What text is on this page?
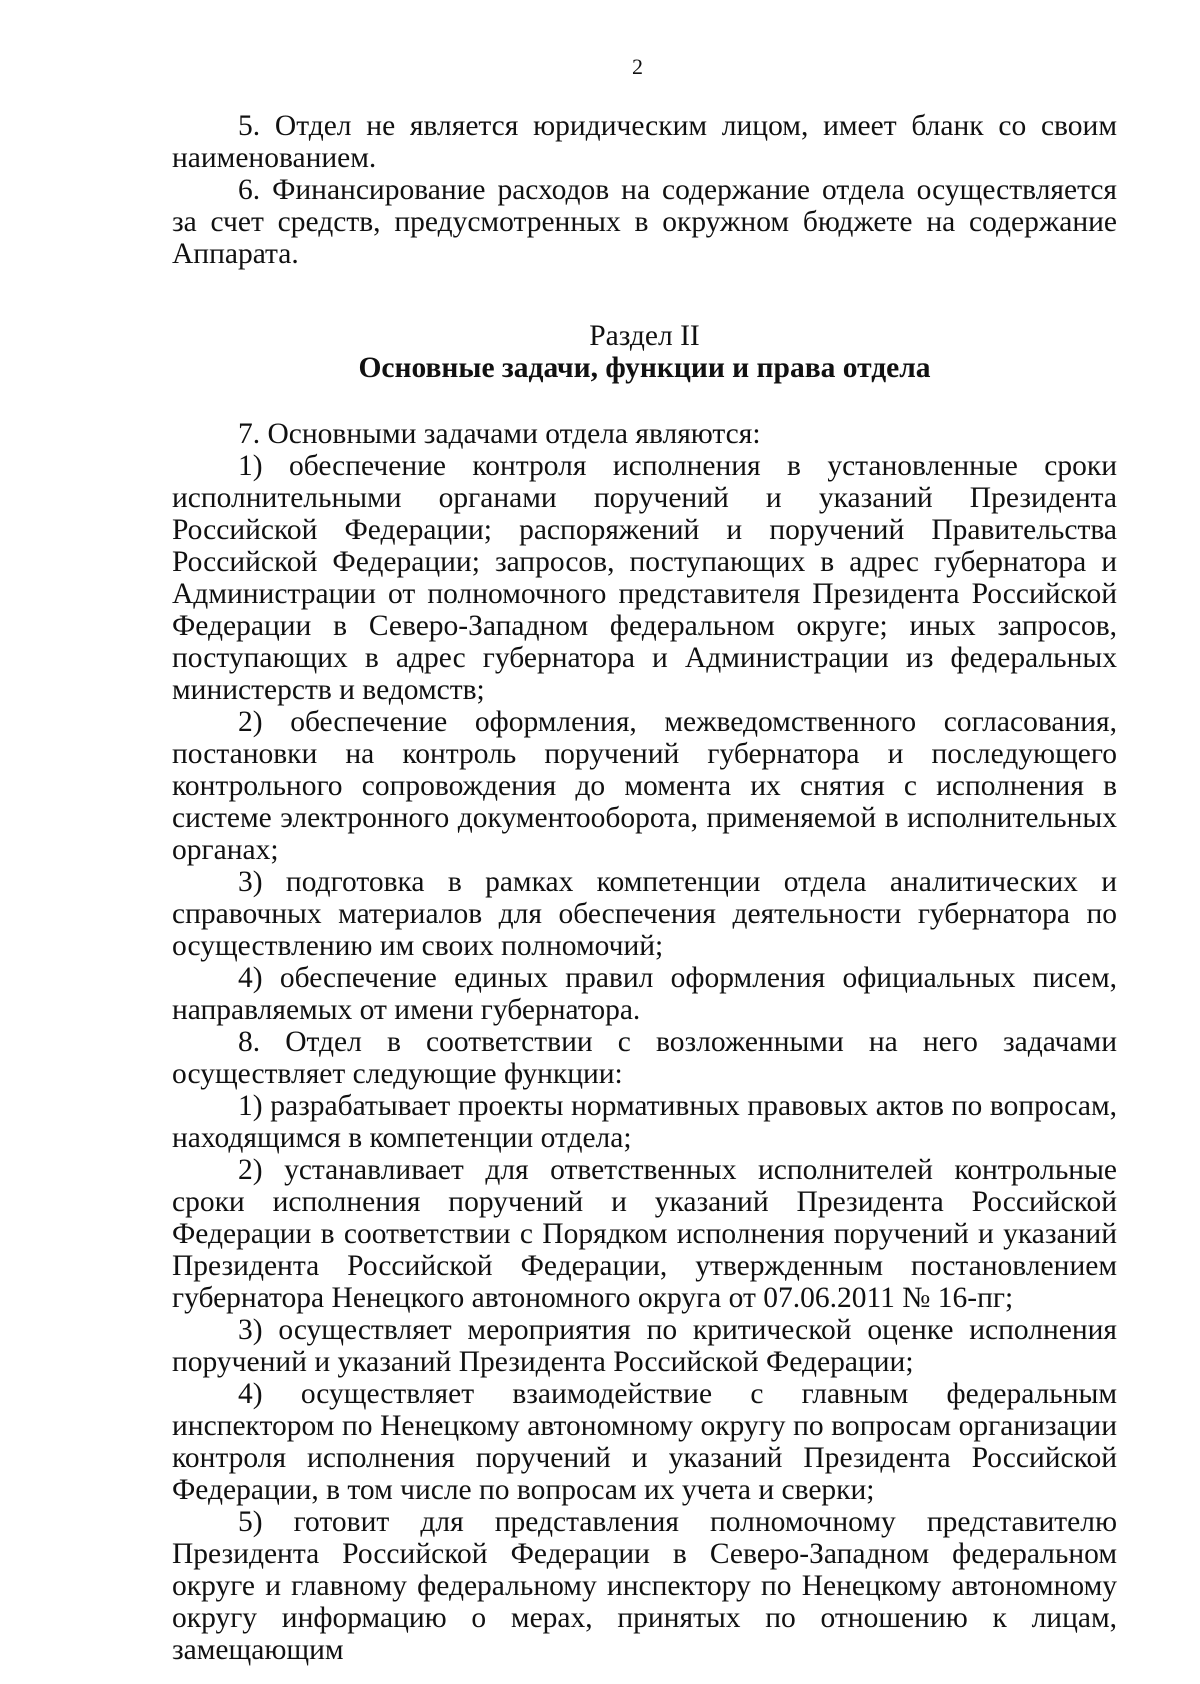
2

5. Отдел не является юридическим лицом, имеет бланк со своим наименованием.

6. Финансирование расходов на содержание отдела осуществляется за счет средств, предусмотренных в окружном бюджете на содержание Аппарата.

Раздел II

Основные задачи, функции и права отдела

7. Основными задачами отдела являются:

1) обеспечение контроля исполнения в установленные сроки исполнительными органами поручений и указаний Президента Российской Федерации; распоряжений и поручений Правительства Российской Федерации; запросов, поступающих в адрес губернатора и Администрации от полномочного представителя Президента Российской Федерации в Северо-Западном федеральном округе; иных запросов, поступающих в адрес губернатора и Администрации из федеральных министерств и ведомств;

2) обеспечение оформления, межведомственного согласования, постановки на контроль поручений губернатора и последующего контрольного сопровождения до момента их снятия с исполнения в системе электронного документооборота, применяемой в исполнительных органах;

3) подготовка в рамках компетенции отдела аналитических и справочных материалов для обеспечения деятельности губернатора по осуществлению им своих полномочий;

4) обеспечение единых правил оформления официальных писем, направляемых от имени губернатора.

8. Отдел в соответствии с возложенными на него задачами осуществляет следующие функции:

1) разрабатывает проекты нормативных правовых актов по вопросам, находящимся в компетенции отдела;

2) устанавливает для ответственных исполнителей контрольные сроки исполнения поручений и указаний Президента Российской Федерации в соответствии с Порядком исполнения поручений и указаний Президента Российской Федерации, утвержденным постановлением губернатора Ненецкого автономного округа от 07.06.2011 № 16-пг;

3) осуществляет мероприятия по критической оценке исполнения поручений и указаний Президента Российской Федерации;

4) осуществляет взаимодействие с главным федеральным инспектором по Ненецкому автономному округу по вопросам организации контроля исполнения поручений и указаний Президента Российской Федерации, в том числе по вопросам их учета и сверки;

5) готовит для представления полномочному представителю Президента Российской Федерации в Северо-Западном федеральном округе и главному федеральному инспектору по Ненецкому автономному округу информацию о мерах, принятых по отношению к лицам, замещающим
